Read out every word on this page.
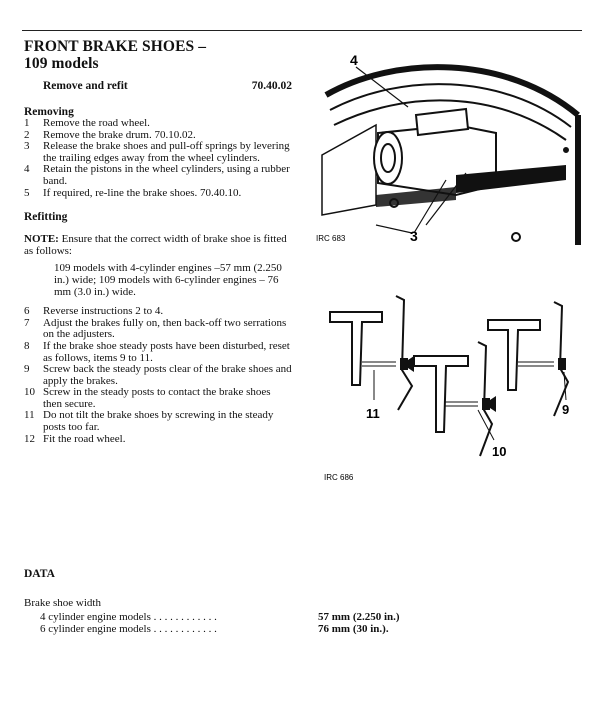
FRONT BRAKE SHOES –
109 models
Remove and refit	70.40.02
Removing
1	Remove the road wheel.
2	Remove the brake drum. 70.10.02.
3	Release the brake shoes and pull-off springs by levering the trailing edges away from the wheel cylinders.
4	Retain the pistons in the wheel cylinders, using a rubber band.
5	If required, re-line the brake shoes. 70.40.10.
Refitting
NOTE: Ensure that the correct width of brake shoe is fitted as follows:
109 models with 4-cylinder engines –57 mm (2.250 in.) wide; 109 models with 6-cylinder engines – 76 mm (3.0 in.) wide.
6	Reverse instructions 2 to 4.
7	Adjust the brakes fully on, then back-off two serrations on the adjusters.
8	If the brake shoe steady posts have been disturbed, reset as follows, items 9 to 11.
9	Screw back the steady posts clear of the brake shoes and apply the brakes.
10 Screw in the steady posts to contact the brake shoes then secure.
11 Do not tilt the brake shoes by screwing in the steady posts too far.
12 Fit the road wheel.
DATA
Brake shoe width
4 cylinder engine models . . . . . . . . . . . .	57 mm (2.250 in.)
6 cylinder engine models . . . . . . . . . . . .	76 mm (30 in.).
4
3
IRC 683
11
10
9
IRC 686
